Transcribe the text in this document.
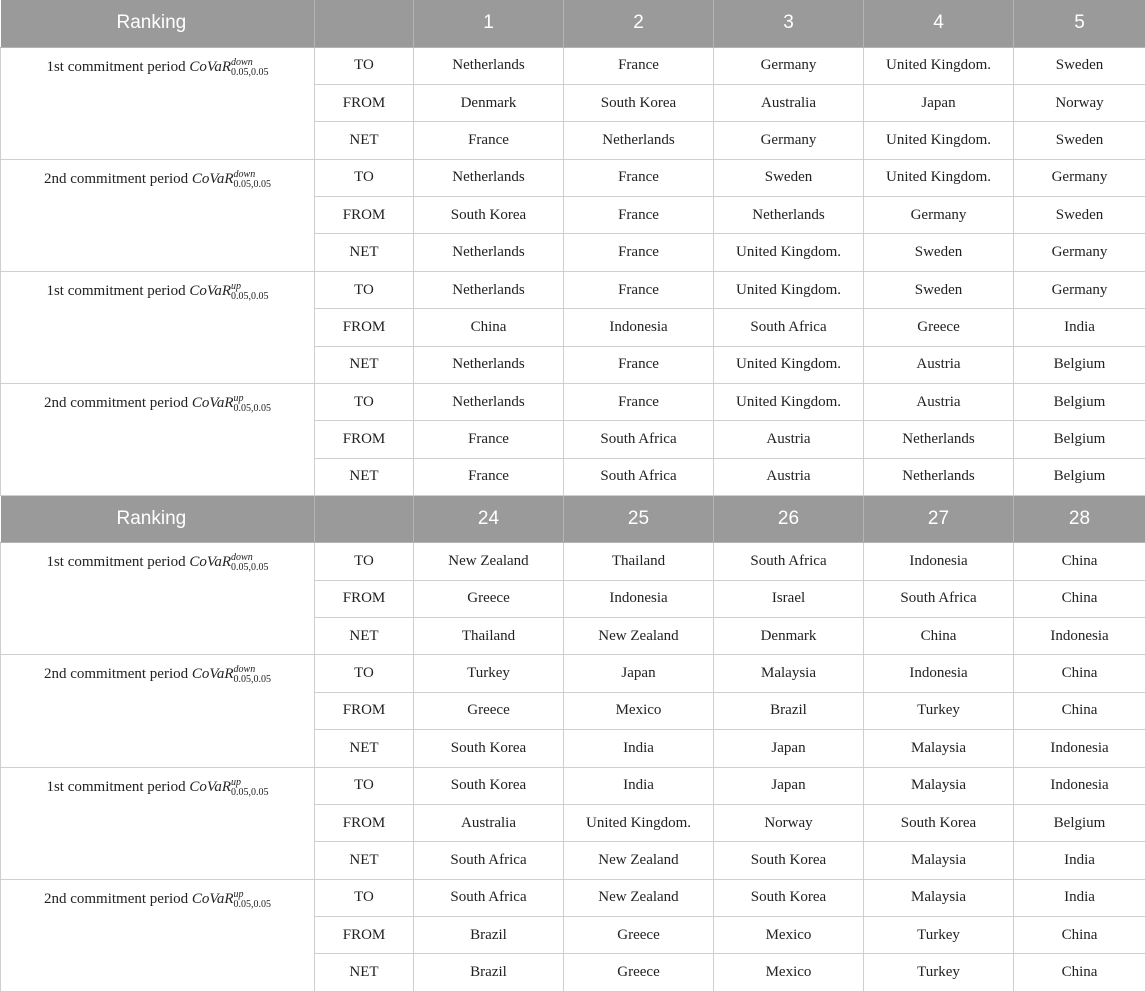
Ranking		1	2	3	4	5
1st commitment period CoVaR down
0.05,0.05	TO	Netherlands	France	Germany	United Kingdom.	Sweden
	FROM	Denmark	South Korea	Australia	Japan	Norway
	NET	France	Netherlands	Germany	United Kingdom.	Sweden
2nd commitment period CoVaR down
0.05,0.05	TO	Netherlands	France	Sweden	United Kingdom.	Germany
	FROM	South Korea	France	Netherlands	Germany	Sweden
	NET	Netherlands	France	United Kingdom.	Sweden	Germany
1st commitment period CoVaR up
0.05,0.05	TO	Netherlands	France	United Kingdom.	Sweden	Germany
	FROM	China	Indonesia	South Africa	Greece	India
	NET	Netherlands	France	United Kingdom.	Austria	Belgium
2nd commitment period CoVaR up
0.05,0.05	TO	Netherlands	France	United Kingdom.	Austria	Belgium
	FROM	France	South Africa	Austria	Netherlands	Belgium
	NET	France	South Africa	Austria	Netherlands	Belgium
Ranking		24	25	26	27	28
1st commitment period CoVaR down
0.05,0.05	TO	New Zealand	Thailand	South Africa	Indonesia	China
	FROM	Greece	Indonesia	Israel	South Africa	China
	NET	Thailand	New Zealand	Denmark	China	Indonesia
2nd commitment period CoVaR down
0.05,0.05	TO	Turkey	Japan	Malaysia	Indonesia	China
	FROM	Greece	Mexico	Brazil	Turkey	China
	NET	South Korea	India	Japan	Malaysia	Indonesia
1st commitment period CoVaR up
0.05,0.05	TO	South Korea	India	Japan	Malaysia	Indonesia
	FROM	Australia	United Kingdom.	Norway	South Korea	Belgium
	NET	South Africa	New Zealand	South Korea	Malaysia	India
2nd commitment period CoVaR up
0.05,0.05	TO	South Africa	New Zealand	South Korea	Malaysia	India
	FROM	Brazil	Greece	Mexico	Turkey	China
	NET	Brazil	Greece	Mexico	Turkey	China
